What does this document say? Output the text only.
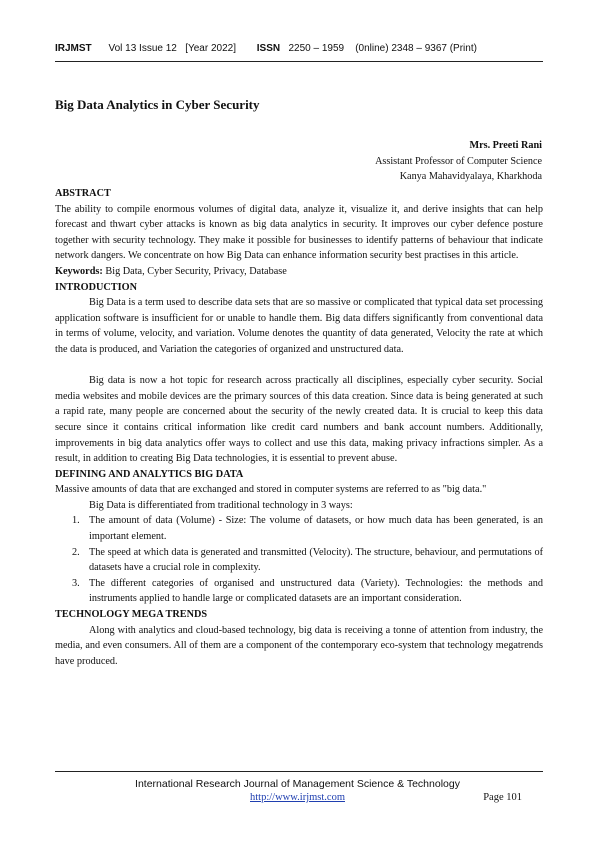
IRJMST Vol 13 Issue 12 [Year 2022] ISSN 2250 – 1959 (0nline) 2348 – 9367 (Print)
Big Data Analytics in Cyber Security
Mrs. Preeti Rani
Assistant Professor of Computer Science
Kanya Mahavidyalaya, Kharkhoda
ABSTRACT

The ability to compile enormous volumes of digital data, analyze it, visualize it, and derive insights that can help forecast and thwart cyber attacks is known as big data analytics in security. It improves our cyber defence posture together with security technology. They make it possible for businesses to identify patterns of behaviour that indicate network dangers. We concentrate on how Big Data can enhance information security best practises in this article.

Keywords: Big Data, Cyber Security, Privacy, Database

INTRODUCTION

Big Data is a term used to describe data sets that are so massive or complicated that typical data set processing application software is insufficient for or unable to handle them. Big data differs significantly from conventional data in terms of volume, velocity, and variation. Volume denotes the quantity of data generated, Velocity the rate at which the data is produced, and Variation the categories of organized and unstructured data.

Big data is now a hot topic for research across practically all disciplines, especially cyber security. Social media websites and mobile devices are the primary sources of this data creation. Since data is being generated at such a rapid rate, many people are concerned about the security of the newly created data. It is crucial to keep this data secure since it contains critical information like credit card numbers and bank account numbers. Additionally, improvements in big data analytics offer ways to collect and use this data, making privacy infractions simpler. As a result, in addition to creating Big Data technologies, it is essential to prevent abuse.

DEFINING AND ANALYTICS BIG DATA

Massive amounts of data that are exchanged and stored in computer systems are referred to as "big data."

Big Data is differentiated from traditional technology in 3 ways:

1. The amount of data (Volume) - Size: The volume of datasets, or how much data has been generated, is an important element.
2. The speed at which data is generated and transmitted (Velocity). The structure, behaviour, and permutations of datasets have a crucial role in complexity.
3. The different categories of organised and unstructured data (Variety). Technologies: the methods and instruments applied to handle large or complicated datasets are an important consideration.
TECHNOLOGY MEGA TRENDS

Along with analytics and cloud-based technology, big data is receiving a tonne of attention from industry, the media, and even consumers. All of them are a component of the contemporary eco-system that technology megatrends have produced.

International Research Journal of Management Science & Technology
http://www.irjmst.com	Page 101
